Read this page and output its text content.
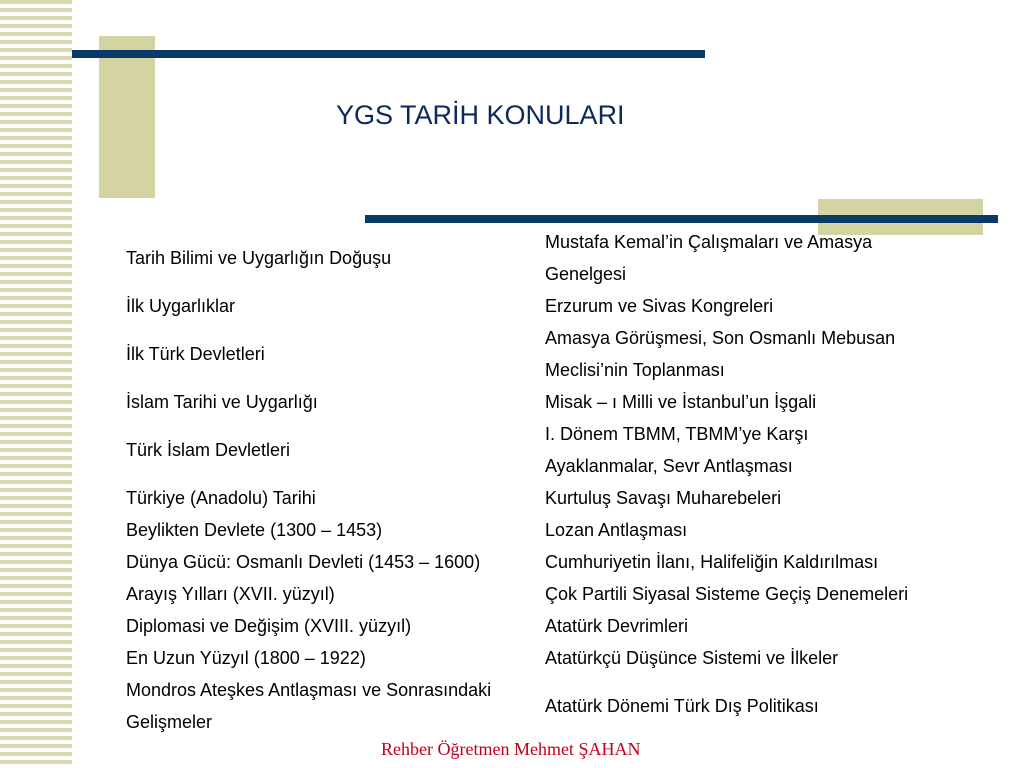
YGS TARİH KONULARI
Tarih Bilimi ve Uygarlığın Doğuşu	Mustafa Kemal’in Çalışmaları ve Amasya
Genelgesi

İlk Uygarlıklar	Erzurum ve Sivas Kongreleri

İlk Türk Devletleri	Amasya Görüşmesi, Son Osmanlı Mebusan
Meclisi’nin Toplanması

İslam Tarihi ve Uygarlığı	Misak – ı Milli ve İstanbul’un İşgali

Türk İslam Devletleri	I. Dönem TBMM, TBMM’ye Karşı
Ayaklanmalar, Sevr Antlaşması

Türkiye (Anadolu) Tarihi	Kurtuluş Savaşı Muharebeleri

Beylikten Devlete (1300 – 1453)	Lozan Antlaşması

Dünya Gücü: Osmanlı Devleti (1453 – 1600)	Cumhuriyetin İlanı, Halifeliğin Kaldırılması

Arayış Yılları (XVII. yüzyıl)	Çok Partili Siyasal Sisteme Geçiş Denemeleri

Diplomasi ve Değişim (XVIII. yüzyıl)	Atatürk Devrimleri

En Uzun Yüzyıl (1800 – 1922)	Atatürkçü Düşünce Sistemi ve İlkeler

Mondros Ateşkes Antlaşması ve Sonrasındaki Gelişmeler	Atatürk Dönemi Türk Dış Politikası
Rehber Öğretmen Mehmet ŞAHAN
